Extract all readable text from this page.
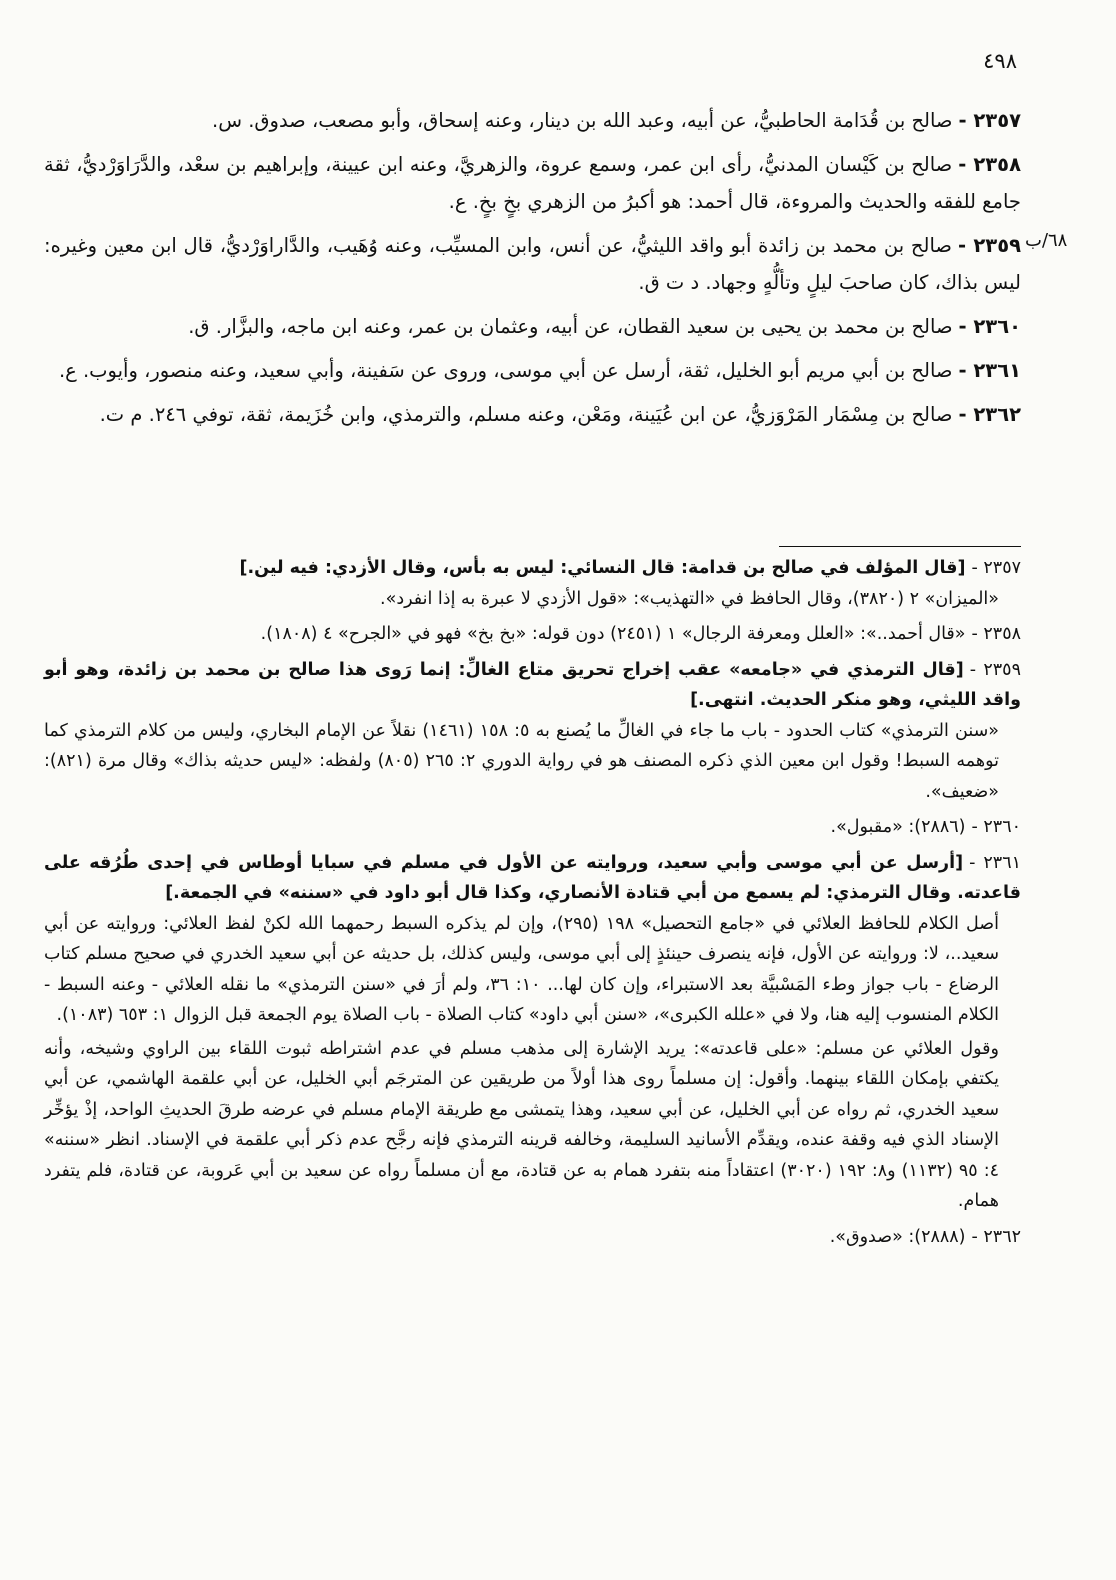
٤٩٨

٢٣٥٧ -صالح بن قُدَامة الحاطبيُّ، عن أبيه، وعبد الله بن دينار، وعنه إسحاق، وأبو مصعب، صدوق. س.

٢٣٥٨ -صالح بن كَيْسان المدنيُّ، رأى ابن عمر، وسمع عروة، والزهريَّ، وعنه ابن عيينة، وإبراهيم بن سعْد، والدَّرَاوَرْديُّ، ثقة جامع للفقه والحديث والمروءة، قال أحمد: هو أكبرُ من الزهري بخٍ بخٍ. ع.

٢٣٥٩ -صالح بن محمد بن زائدة أبو واقد الليثيُّ، عن أنس، وابن المسيِّب، وعنه وُهَيب، والدَّاراوَرْديُّ، قال ابن معين وغيره: ليس بذاك، كان صاحبَ ليلٍ وتألُّهٍ وجهاد. د ت ق.

٢٣٦٠ -صالح بن محمد بن يحيى بن سعيد القطان، عن أبيه، وعثمان بن عمر، وعنه ابن ماجه، والبزَّار. ق.

٢٣٦١ -صالح بن أبي مريم أبو الخليل، ثقة، أرسل عن أبي موسى، وروى عن سَفينة، وأبي سعيد، وعنه منصور، وأيوب. ع.

٢٣٦٢ -صالح بن مِسْمَار المَرْوَزيُّ، عن ابن عُيَينة، ومَعْن، وعنه مسلم، والترمذي، وابن خُزَيمة، ثقة، توفي ٢٤٦. م ت.

٢٣٥٧ -[قال المؤلف في صالح بن قدامة: قال النسائي: ليس به بأس، وقال الأزدي: فيه لين.]
«الميزان» ٢ (٣٨٢٠)، وقال الحافظ في «التهذيب»: «قول الأزدي لا عبرة به إذا انفرد».
٢٣٥٨ -«قال أحمد..»: «العلل ومعرفة الرجال» ١ (٢٤٥١) دون قوله: «بخ بخ» فهو في «الجرح» ٤ (١٨٠٨).
٢٣٥٩ -[قال الترمذي في «جامعه» عقب إخراج تحريق متاع الغالِّ: إنما رَوى هذا صالح بن محمد بن زائدة، وهو أبو واقد الليثي، وهو منكر الحديث. انتهى.]
«سنن الترمذي» كتاب الحدود - باب ما جاء في الغالِّ ما يُصنع به ٥: ١٥٨ (١٤٦١) نقلاً عن الإمام البخاري، وليس من كلام الترمذي كما توهمه السبط! وقول ابن معين الذي ذكره المصنف هو في رواية الدوري ٢: ٢٦٥ (٨٠٥) ولفظه: «ليس حديثه بذاك» وقال مرة (٨٢١): «ضعيف».
٢٣٦٠ -(٢٨٨٦): «مقبول».
٢٣٦١ -[أرسل عن أبي موسى وأبي سعيد، وروايته عن الأول في مسلم في سبايا أوطاس في إحدى طُرُقه على قاعدته. وقال الترمذي: لم يسمع من أبي قتادة الأنصاري، وكذا قال أبو داود في «سننه» في الجمعة.]
أصل الكلام للحافظ العلائي في «جامع التحصيل» ١٩٨ (٢٩٥)، وإن لم يذكره السبط رحمهما الله لكنْ لفظ العلائي: وروايته عن أبي سعيد..، لا: وروايته عن الأول، فإنه ينصرف حينئذٍ إلى أبي موسى، وليس كذلك، بل حديثه عن أبي سعيد الخدري في صحيح مسلم كتاب الرضاع - باب جواز وطء المَسْبيَّة بعد الاستبراء، وإن كان لها... ١٠: ٣٦، ولم أرَ في «سنن الترمذي» ما نقله العلائي - وعنه السبط - الكلام المنسوب إليه هنا، ولا في «علله الكبرى»، «سنن أبي داود» كتاب الصلاة - باب الصلاة يوم الجمعة قبل الزوال ١: ٦٥٣ (١٠٨٣).
وقول العلائي عن مسلم: «على قاعدته»: يريد الإشارة إلى مذهب مسلم في عدم اشتراطه ثبوت اللقاء بين الراوي وشيخه، وأنه يكتفي بإمكان اللقاء بينهما. وأقول: إن مسلماً روى هذا أولاً من طريقين عن المترجَم أبي الخليل، عن أبي علقمة الهاشمي، عن أبي سعيد الخدري، ثم رواه عن أبي الخليل، عن أبي سعيد، وهذا يتمشى مع طريقة الإمام مسلم في عرضه طرقَ الحديثِ الواحد، إذْ يؤخِّر الإسناد الذي فيه وقفة عنده، ويقدِّم الأسانيد السليمة، وخالفه قرينه الترمذي فإنه رجَّح عدم ذكر أبي علقمة في الإسناد. انظر «سننه» ٤: ٩٥ (١١٣٢) و٨: ١٩٢ (٣٠٢٠) اعتقاداً منه بتفرد همام به عن قتادة، مع أن مسلماً رواه عن سعيد بن أبي عَروبة، عن قتادة، فلم يتفرد همام.
٢٣٦٢ -(٢٨٨٨): «صدوق».
٦٨/ب
